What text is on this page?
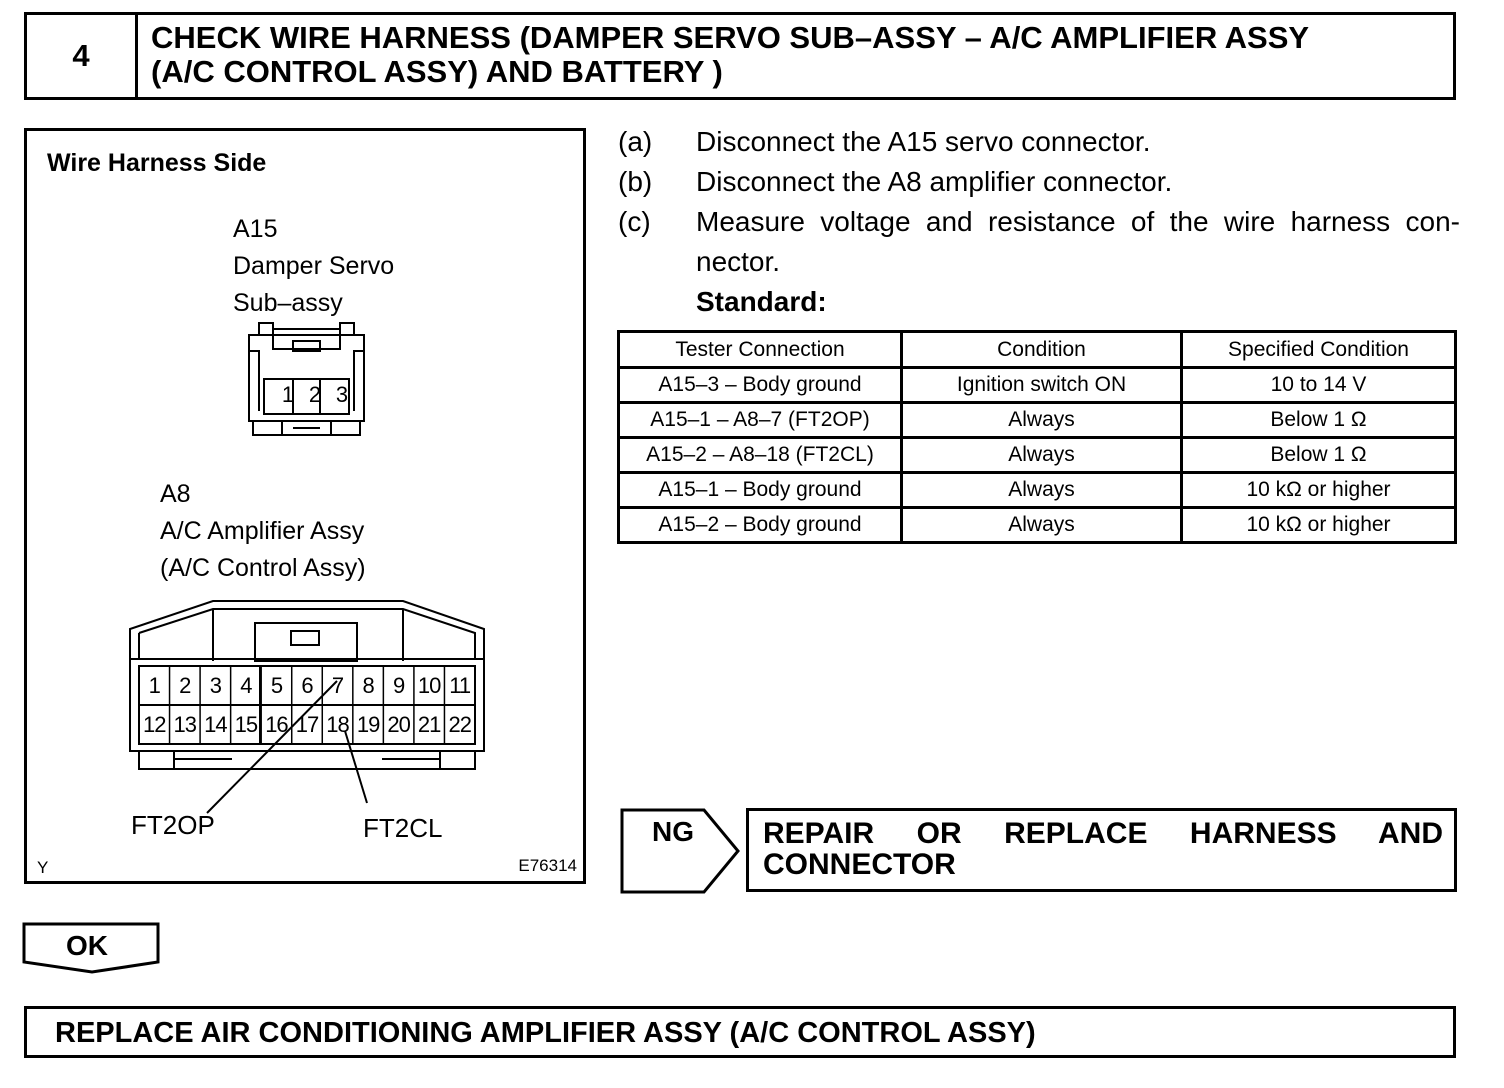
4
CHECK WIRE HARNESS (DAMPER SERVO SUB–ASSY – A/C AMPLIFIER ASSY
(A/C CONTROL ASSY) AND BATTERY )
Wire Harness Side
A15
Damper Servo
Sub–assy
1 2 3
A8
A/C Amplifier Assy
(A/C Control Assy)
1 2 3 4 5 6 7 8 9 10 11
12 13 14 15 16 17 18 19 20 21 22
FT2OP	FT2CL
Y	E76314
(a) Disconnect the A15 servo connector.
(b) Disconnect the A8 amplifier connector.
(c) Measure voltage and resistance of the wire harness con-nector.
Standard:
Tester Connection	Condition	Specified Condition
A15–3 – Body ground	Ignition switch ON	10 to 14 V
A15–1 – A8–7 (FT2OP)	Always	Below 1 Ω
A15–2 – A8–18 (FT2CL)	Always	Below 1 Ω
A15–1 – Body ground	Always	10 kΩ or higher
A15–2 – Body ground	Always	10 kΩ or higher
NG REPAIR OR REPLACE HARNESS AND CONNECTOR
OK
REPLACE AIR CONDITIONING AMPLIFIER ASSY (A/C CONTROL ASSY)
